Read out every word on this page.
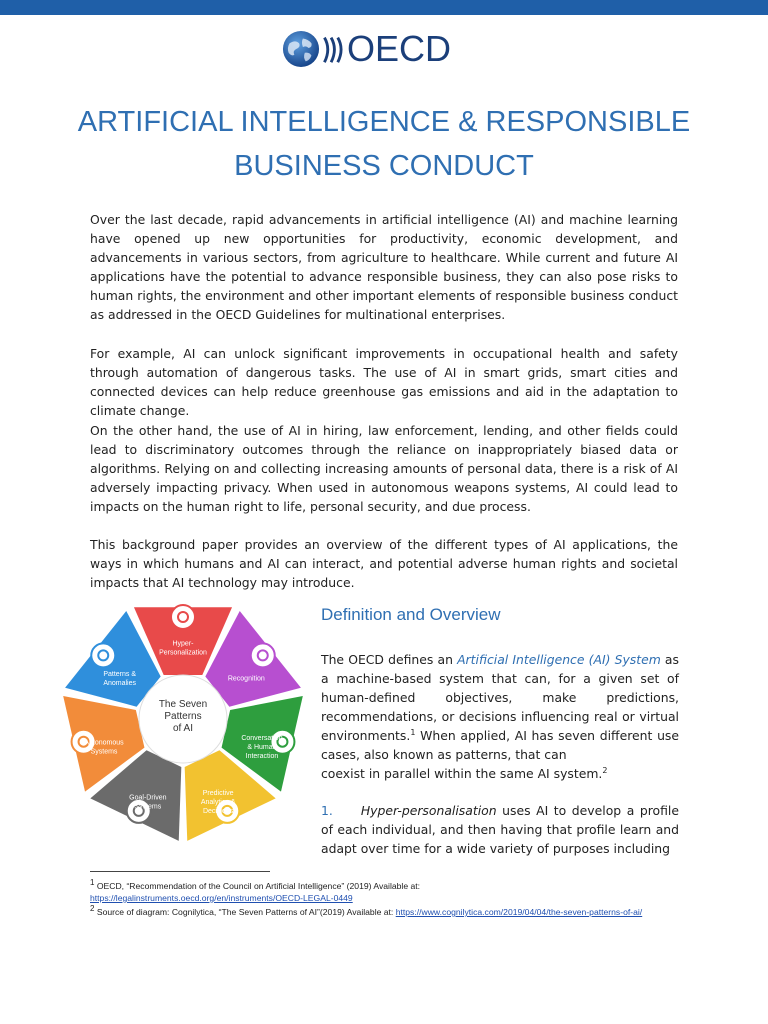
OECD
ARTIFICIAL INTELLIGENCE & RESPONSIBLE
BUSINESS CONDUCT

Over the last decade, rapid advancements in artificial intelligence (AI) and machine learning have opened up new opportunities for productivity, economic development, and advancements in various sectors, from agriculture to healthcare. While current and future AI applications have the potential to advance responsible business, they can also pose risks to human rights, the environment and other important elements of responsible business conduct as addressed in the OECD Guidelines for multinational enterprises.

For example, AI can unlock significant improvements in occupational health and safety through automation of dangerous tasks. The use of AI in smart grids, smart cities and connected devices can help reduce greenhouse gas emissions and aid in the adaptation to climate change.

On the other hand, the use of AI in hiring, law enforcement, lending, and other fields could lead to discriminatory outcomes through the reliance on inappropriately biased data or algorithms. Relying on and collecting increasing amounts of personal data, there is a risk of AI adversely impacting privacy. When used in autonomous weapons systems, AI could lead to impacts on the human right to life, personal security, and due process.

This background paper provides an overview of the different types of AI applications, the ways in which humans and AI can interact, and potential adverse human rights and societal impacts that AI technology may introduce.

Hyper-Personalization
Recognition
Conversation & Human Interaction
Predictive Analytics & Decisions
Goal-Driven Systems
Autonomous Systems
Patterns & Anomalies
The Seven Patterns of AI
Definition and Overview

The OECD defines an Artificial Intelligence (AI) System as a machine-based system that can, for a given set of human-defined objectives, make predictions, recommendations, or decisions influencing real or virtual environments.$^1$ When applied, AI has seven different use cases, also known as patterns, that can

coexist in parallel within the same AI system.$^2$

1. Hyper-personalisation uses AI to develop a profile of each individual, and then having that profile learn and adapt over time for a wide variety of purposes including

1 OECD, “Recommendation of the Council on Artificial Intelligence” (2019) Available at:
https://legalinstruments.oecd.org/en/instruments/OECD-LEGAL-0449

2 Source of diagram: Cognilytica, “The Seven Patterns of AI”(2019) Available at: https://www.cognilytica.com/2019/04/04/the-seven-patterns-of-ai/
